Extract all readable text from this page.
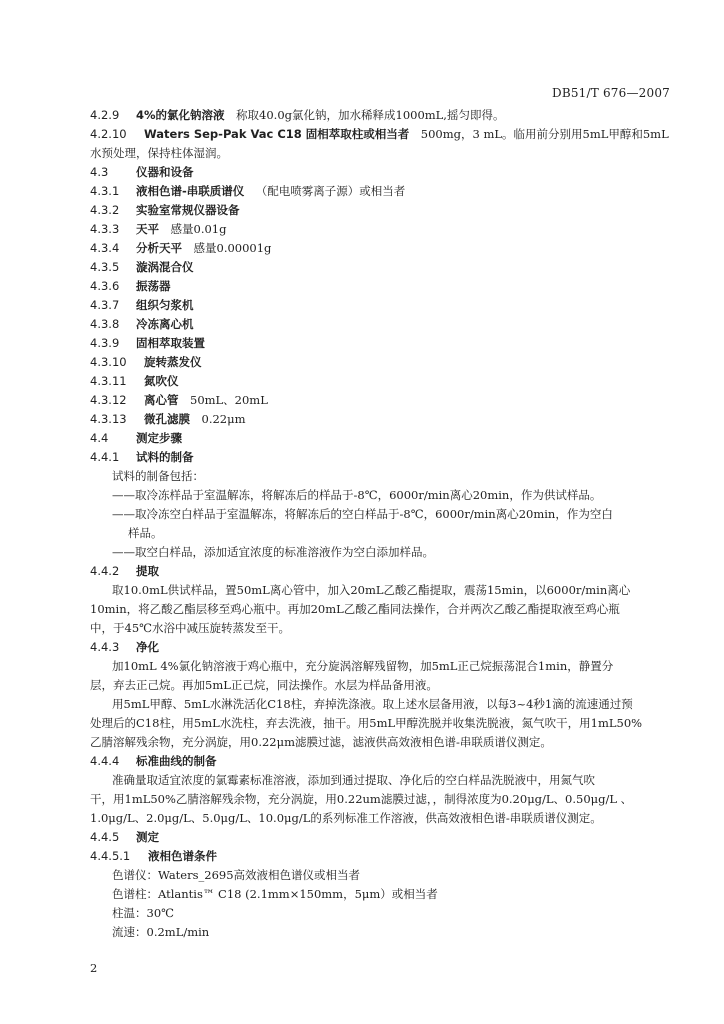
DB51/T 676—2007
4.2.9 4%的氯化钠溶液  称取40.0g氯化钠，加水稀释成1000mL,摇匀即得。
4.2.10 Waters Sep-Pak Vac C18 固相萃取柱或相当者  500mg，3 mL。临用前分别用5mL甲醇和5mL
水预处理，保持柱体湿润。
4.3 仪器和设备
4.3.1 液相色谱-串联质谱仪  （配电喷雾离子源）或相当者
4.3.2 实验室常规仪器设备
4.3.3 天平  感量0.01g
4.3.4 分析天平  感量0.00001g
4.3.5 漩涡混合仪
4.3.6 振荡器
4.3.7 组织匀浆机
4.3.8 冷冻离心机
4.3.9 固相萃取装置
4.3.10 旋转蒸发仪
4.3.11 氮吹仪
4.3.12 离心管  50mL、20mL
4.3.13 微孔滤膜  0.22μm
4.4 测定步骤
4.4.1 试料的制备
试料的制备包括：
——取冷冻样品于室温解冻，将解冻后的样品于-8℃，6000r/min离心20min，作为供试样品。
——取冷冻空白样品于室温解冻，将解冻后的空白样品于-8℃，6000r/min离心20min，作为空白
样品。
——取空白样品，添加适宜浓度的标准溶液作为空白添加样品。
4.4.2 提取
取10.0mL供试样品，置50mL离心管中，加入20mL乙酸乙酯提取，震荡15min，以6000r/min离心
10min，将乙酸乙酯层移至鸡心瓶中。再加20mL乙酸乙酯同法操作，合并两次乙酸乙酯提取液至鸡心瓶
中，于45℃水浴中减压旋转蒸发至干。
4.4.3 净化
加10mL 4%氯化钠溶液于鸡心瓶中，充分旋涡溶解残留物，加5mL正己烷振荡混合1min，静置分
层，弃去正己烷。再加5mL正己烷，同法操作。水层为样品备用液。
用5mL甲醇、5mL水淋洗活化C18柱，弃掉洗涤液。取上述水层备用液，以每3~4秒1滴的流速通过预
处理后的C18柱，用5mL水洗柱，弃去洗液，抽干。用5mL甲醇洗脱并收集洗脱液，氮气吹干，用1mL50%
乙腈溶解残余物，充分涡旋，用0.22μm滤膜过滤，滤液供高效液相色谱-串联质谱仪测定。
4.4.4 标准曲线的制备
准确量取适宜浓度的氯霉素标准溶液，添加到通过提取、净化后的空白样品洗脱液中，用氮气吹
干，用1mL50%乙腈溶解残余物，充分涡旋，用0.22um滤膜过滤，，制得浓度为0.20μg/L、0.50μg/L 、
1.0μg/L、2.0μg/L、5.0μg/L、10.0μg/L的系列标准工作溶液，供高效液相色谱-串联质谱仪测定。
4.4.5 测定
4.4.5.1 液相色谱条件
色谱仪：Waters_2695高效液相色谱仪或相当者
色谱柱：Atlantis™ C18 (2.1mm×150mm，5μm）或相当者
柱温：30℃
流速：0.2mL/min
2
